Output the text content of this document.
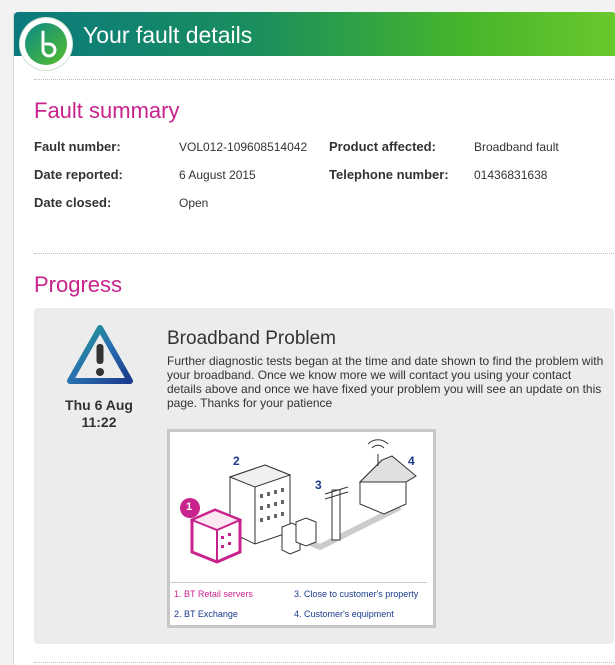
Your fault details
Fault summary
Fault number:	VOL012-109608514042 Product affected:	Broadband fault
Date reported:	6 August 2015	Telephone number: 01436831638
Date closed:	Open
Progress
Thu 6 Aug
11:22
Broadband Problem

Further diagnostic tests began at the time and date shown to find the problem with your broadband. Once we know more we will contact you using your contact details above and once we have fixed your problem you will see an update on this page. Thanks for your patience

1
2
3
4
1. BT Retail servers
2. BT Exchange
3. Close to customer's property
4. Customer's equipment
